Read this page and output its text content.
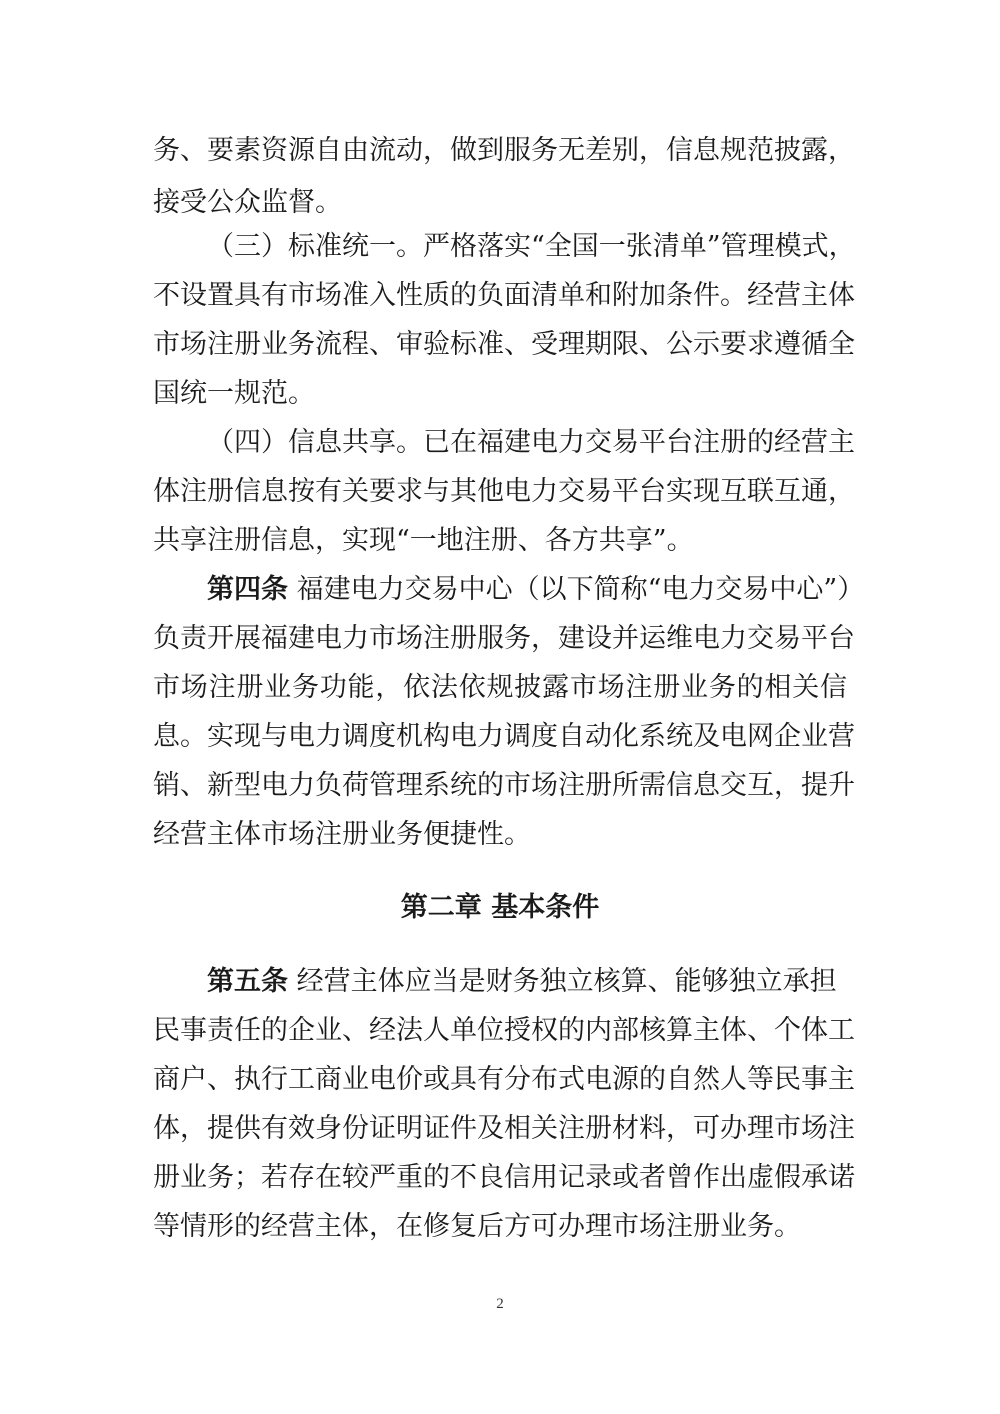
务、要素资源自由流动，做到服务无差别，信息规范披露，
接受公众监督。
（三）标准统一。严格落实“全国一张清单”管理模式，
不设置具有市场准入性质的负面清单和附加条件。经营主体
市场注册业务流程、审验标准、受理期限、公示要求遵循全
国统一规范。
（四）信息共享。已在福建电力交易平台注册的经营主
体注册信息按有关要求与其他电力交易平台实现互联互通，
共享注册信息，实现“一地注册、各方共享”。
第四条 福建电力交易中心（以下简称“电力交易中心”）
负责开展福建电力市场注册服务，建设并运维电力交易平台
市场注册业务功能，依法依规披露市场注册业务的相关信
息。实现与电力调度机构电力调度自动化系统及电网企业营
销、新型电力负荷管理系统的市场注册所需信息交互，提升
经营主体市场注册业务便捷性。
第二章 基本条件
第五条 经营主体应当是财务独立核算、能够独立承担
民事责任的企业、经法人单位授权的内部核算主体、个体工
商户、执行工商业电价或具有分布式电源的自然人等民事主
体，提供有效身份证明证件及相关注册材料，可办理市场注
册业务；若存在较严重的不良信用记录或者曾作出虚假承诺
等情形的经营主体，在修复后方可办理市场注册业务。
2
